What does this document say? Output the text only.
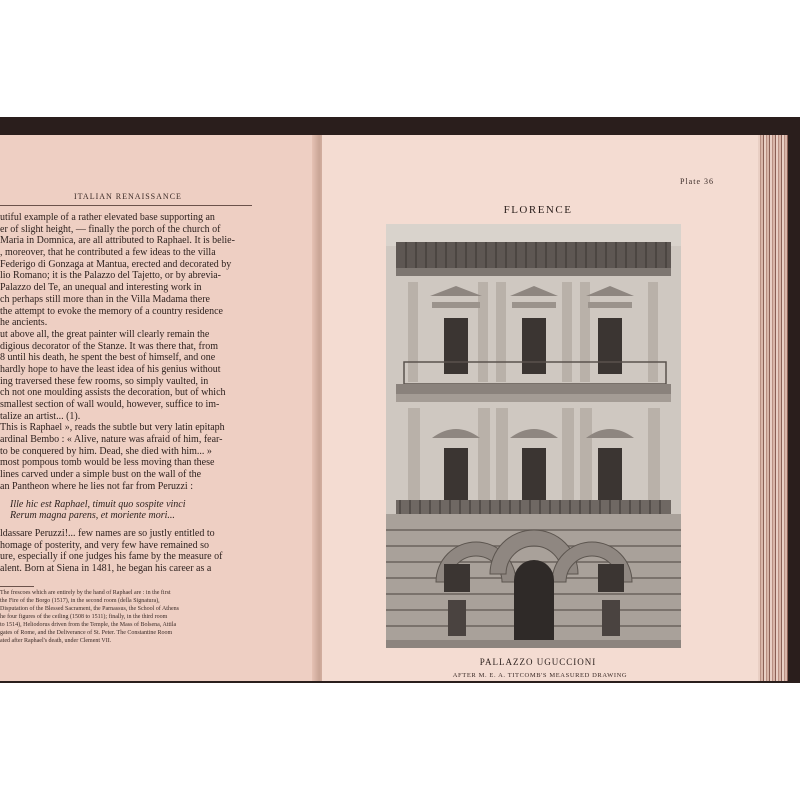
ITALIAN RENAISSANCE
utiful example of a rather elevated base supporting an
er of slight height, — finally the porch of the church of
Maria in Domnica, are all attributed to Raphael. It is belie-
, moreover, that he contributed a few ideas to the villa
Federigo di Gonzaga at Mantua, erected and decorated by
lio Romano; it is the Palazzo del Tajetto, or by abrevia-
Palazzo del Te, an unequal and interesting work in
ch perhaps still more than in the Villa Madama there
the attempt to evoke the memory of a country residence
he ancients.
ut above all, the great painter will clearly remain the
digious decorator of the Stanze. It was there that, from
8 until his death, he spent the best of himself, and one
hardly hope to have the least idea of his genius without
ing traversed these few rooms, so simply vaulted, in
ch not one moulding assists the decoration, but of which
smallest section of wall would, however, suffice to im-
talize an artist... (1).
This is Raphael », reads the subtle but very latin epitaph
ardinal Bembo : « Alive, nature was afraid of him, fear-
to be conquered by him. Dead, she died with him... »
most pompous tomb would be less moving than these
lines carved under a simple bust on the wall of the
an Pantheon where he lies not far from Peruzzi :
Ille hic est Raphael, timuit quo sospite vinci
Rerum magna parens, et moriente mori...
ldassare Peruzzi!... few names are so justly entitled to
homage of posterity, and very few have remained so
ure, especially if one judges his fame by the measure of
alent. Born at Siena in 1481, he began his career as a
The frescoes which are entirely by the hand of Raphael are : in the first
the Fire of the Borgo (1517), in the second room (della Signatura),
Disputation of the Blessed Sacrament, the Parnassus, the School of Athens
he four figures of the ceiling (1508 to 1511); finally, in the third room
to 1514), Heliodorus driven from the Temple, the Mass of Bolsena, Attila
gates of Rome, and the Deliverance of St. Peter. The Constantine Room
ated after Raphael's death, under Clement VII.
Plate 36
FLORENCE
PALLAZZO UGUCCIONI
AFTER M. E. A. TITCOMB'S MEASURED DRAWING
